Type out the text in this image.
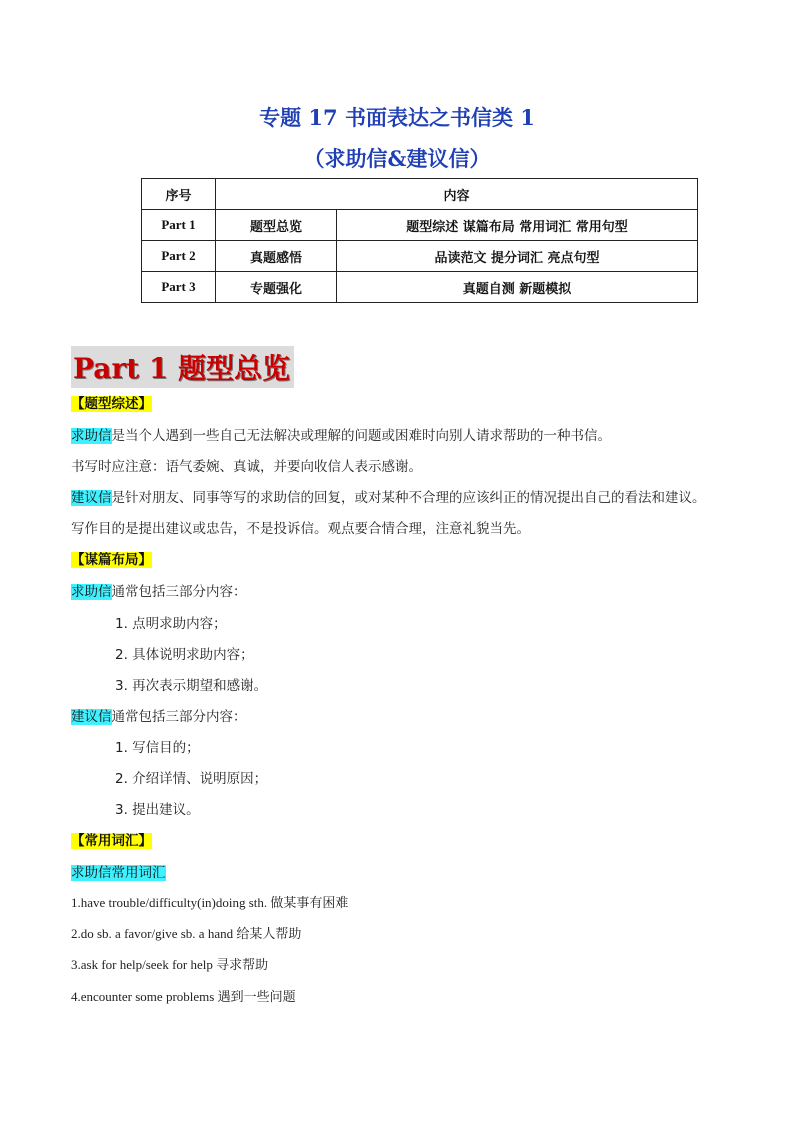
专题 17 书面表达之书信类 1
（求助信&建议信）
序号	内容	
Part 1	题型总览	题型综述 谋篇布局 常用词汇 常用句型
Part 2	真题感悟	品读范文 提分词汇 亮点句型
Part 3	专题强化	真题自测 新题模拟
Part 1 题型总览
【题型综述】
求助信是当个人遇到一些自己无法解决或理解的问题或困难时向别人请求帮助的一种书信。
书写时应注意：语气委婉、真诚，并要向收信人表示感谢。
建议信是针对朋友、同事等写的求助信的回复，或对某种不合理的应该纠正的情况提出自己的看法和建议。
写作目的是提出建议或忠告，不是投诉信。观点要合情合理，注意礼貌当先。
【谋篇布局】
求助信通常包括三部分内容：
1. 点明求助内容；
2. 具体说明求助内容；
3. 再次表示期望和感谢。
建议信通常包括三部分内容：
1. 写信目的；
2. 介绍详情、说明原因；
3. 提出建议。
【常用词汇】
求助信常用词汇
1.have trouble/difficulty(in)doing sth. 做某事有困难
2.do sb. a favor/give sb. a hand 给某人帮助
3.ask for help/seek for help 寻求帮助
4.encounter some problems 遇到一些问题
